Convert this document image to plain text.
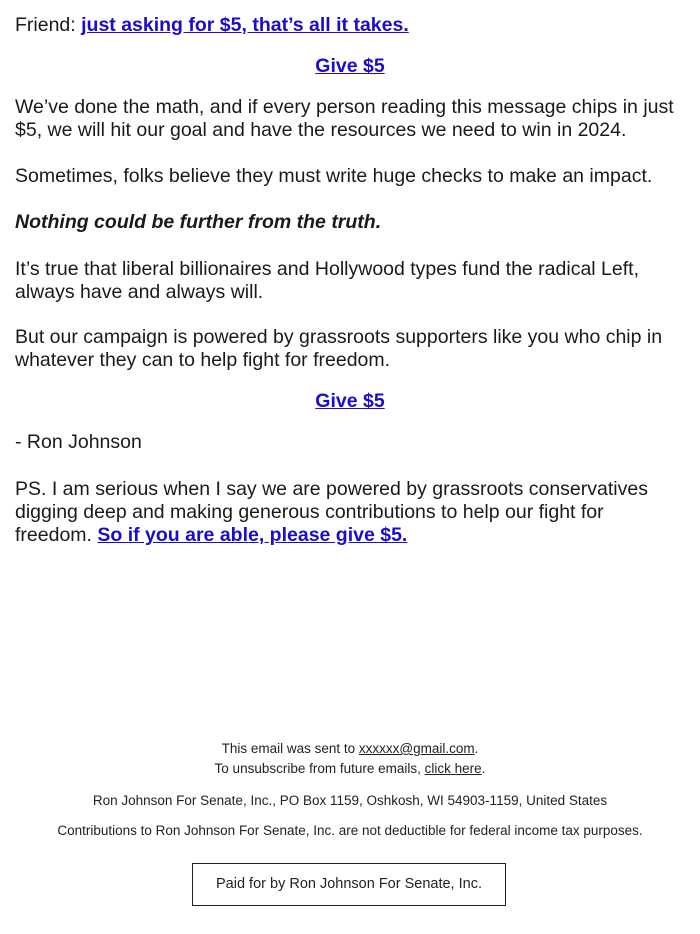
Friend: just asking for $5, that’s all it takes.

Give $5

We’ve done the math, and if every person reading this message chips in just $5, we will hit our goal and have the resources we need to win in 2024.

Sometimes, folks believe they must write huge checks to make an impact.

Nothing could be further from the truth.

It’s true that liberal billionaires and Hollywood types fund the radical Left, always have and always will.

But our campaign is powered by grassroots supporters like you who chip in whatever they can to help fight for freedom.

Give $5

- Ron Johnson

PS. I am serious when I say we are powered by grassroots conservatives digging deep and making generous contributions to help our fight for freedom. So if you are able, please give $5.

This email was sent to xxxxxx@gmail.com.
To unsubscribe from future emails, click here.
Ron Johnson For Senate, Inc., PO Box 1159, Oshkosh, WI 54903-1159, United States
Contributions to Ron Johnson For Senate, Inc. are not deductible for federal income tax purposes.
Paid for by Ron Johnson For Senate, Inc.
